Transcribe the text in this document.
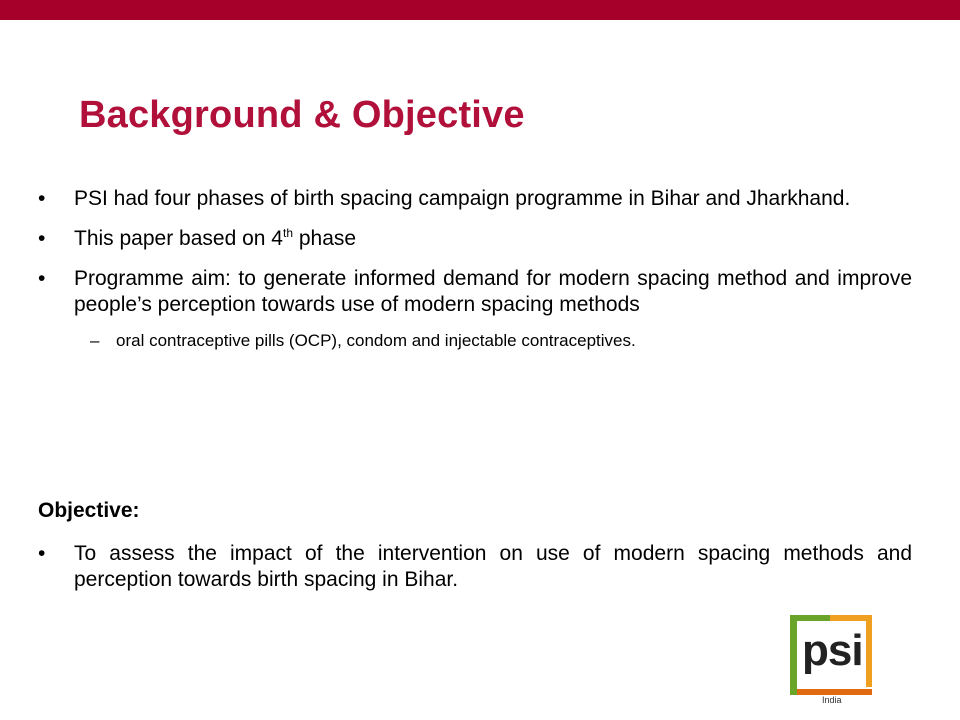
Background & Objective
•	PSI had four phases of birth spacing campaign programme in Bihar and Jharkhand.
•	This paper based on 4th phase
•	Programme aim: to generate informed demand for modern spacing method and improve people’s perception towards use of modern spacing methods
– oral contraceptive pills (OCP), condom and injectable contraceptives.
Objective:
•	To assess the impact of the intervention on use of modern spacing methods and perception towards birth spacing in Bihar.
psi
India
